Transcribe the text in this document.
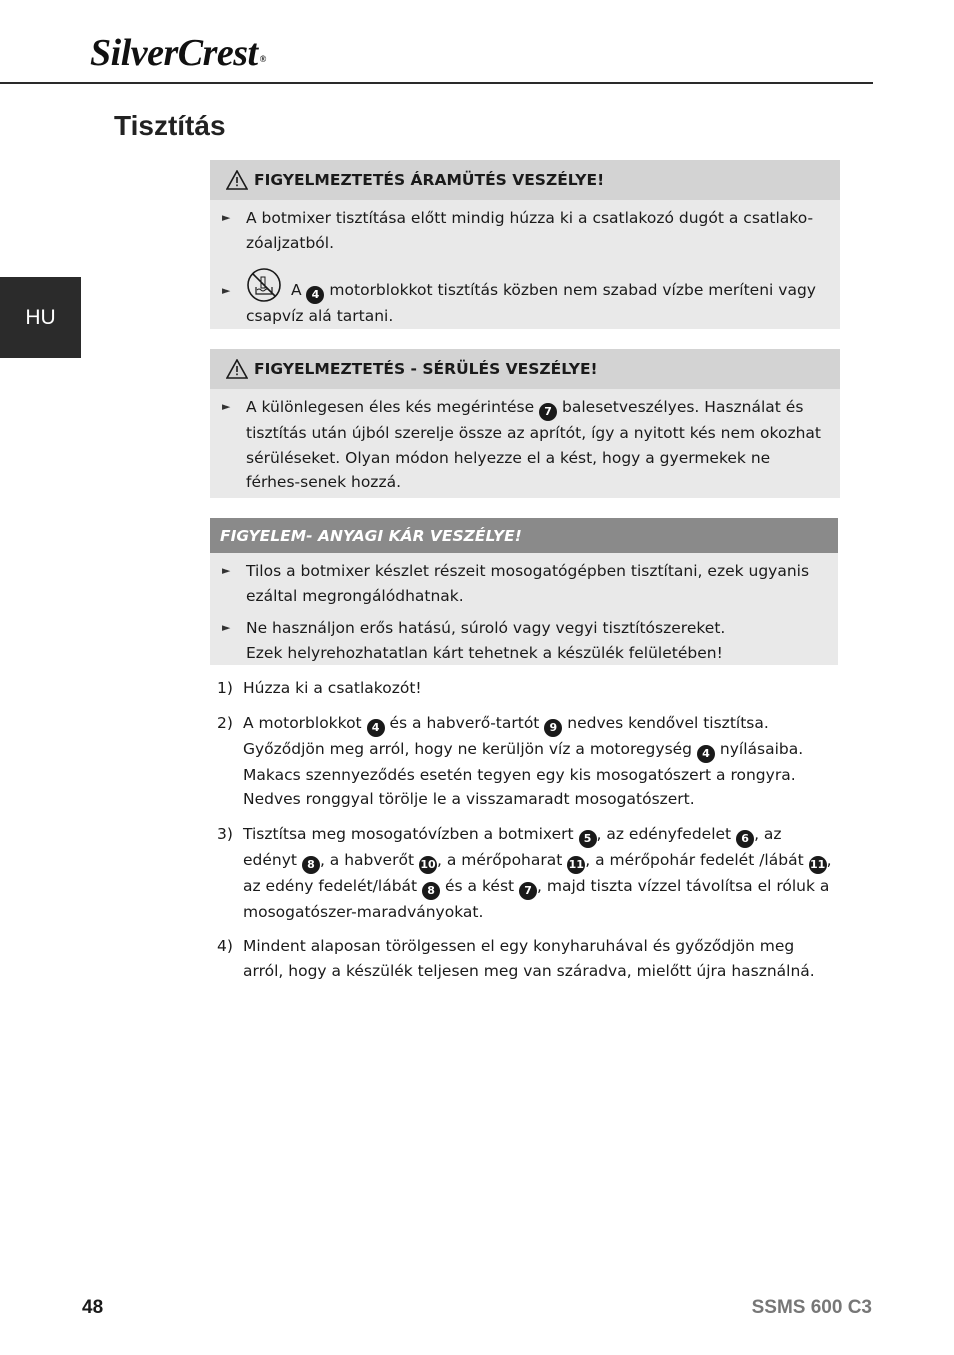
SilverCrest ®
Tisztítás
HU
FIGYELMEZTETÉS ÁRAMÜTÉS VESZÉLYE!
► A botmixer tisztítása előtt mindig húzza ki a csatlakozó dugót a csatlako-zóaljzatból.
►	A 4 motorblokkot tisztítás közben nem szabad vízbe meríteni vagy csapvíz alá tartani.
FIGYELMEZTETÉS - SÉRÜLÉS VESZÉLYE!
► A különlegesen éles kés megérintése 7 balesetveszélyes. Használat és tisztítás után újból szerelje össze az aprítót, így a nyitott kés nem okozhat sérüléseket. Olyan módon helyezze el a kést, hogy a gyermekek ne férhes-senek hozzá.
FIGYELEM- ANYAGI KÁR VESZÉLYE!
► Tilos a botmixer készlet részeit mosogatógépben tisztítani, ezek ugyanis ezáltal megrongálódhatnak.
► Ne használjon erős hatású, súroló vagy vegyi tisztítószereket.
Ezek helyrehozhatatlan kárt tehetnek a készülék felületében!
1) Húzza ki a csatlakozót!
2) A motorblokkot 4 és a habverő-tartót 9 nedves kendővel tisztítsa. Győződjön meg arról, hogy ne kerüljön víz a motoregység 4 nyílásaiba. Makacs szennyeződés esetén tegyen egy kis mosogatószert a rongyra. Nedves ronggyal törölje le a visszamaradt mosogatószert.
3) Tisztítsa meg mosogatóvízben a botmixert 5 , az edényfedelet 6 , az edényt 8 , a habverőt 10, a mérőpoharat 11, a mérőpohár fedelét /lábát 11, az edény fedelét/lábát 8 és a kést 7 , majd tiszta vízzel távolítsa el róluk a mosogatószer-maradványokat.
4) Mindent alaposan törölgessen el egy konyharuhával és győződjön meg arról, hogy a készülék teljesen meg van száradva, mielőtt újra használná.
48	SSMS 600 C3
